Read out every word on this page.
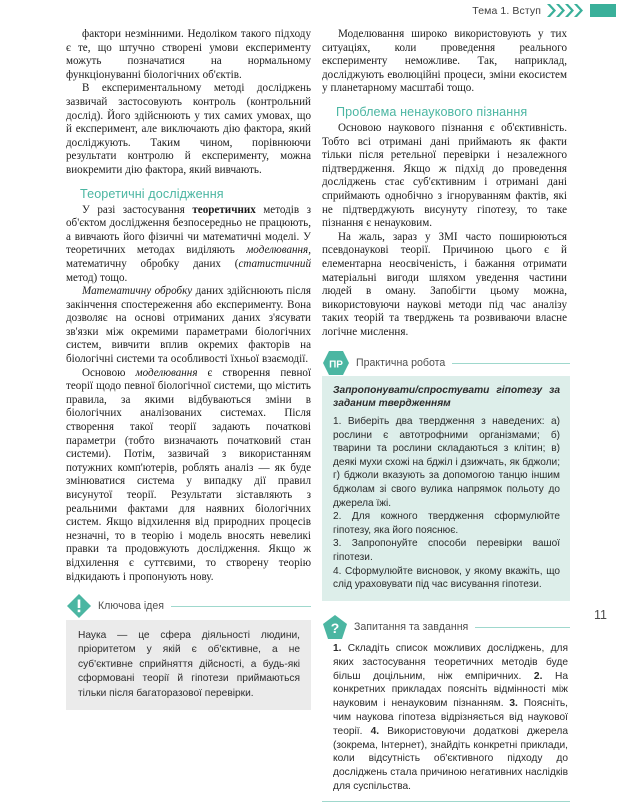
Тема 1. Вступ

фактори незмінними. Недоліком такого підходу є те, що штучно створені умови експерименту можуть позначатися на нормальному функціонуванні біологічних об'єктів.

В експериментальному методі досліджень зазвичай застосовують контроль (контрольний дослід). Його здійснюють у тих самих умовах, що й експеримент, але виключають дію фактора, який досліджують. Таким чином, порівнюючи результати контролю й експерименту, можна виокремити дію фактора, який вивчають.

Теоретичні дослідження

У разі застосування теоретичних методів з об'єктом дослідження безпосередньо не працюють, а вивчають його фізичні чи математичні моделі. У теоретичних методах виділяють моделювання, математичну обробку даних (статистичний метод) тощо.

Математичну обробку даних здійснюють після закінчення спостереження або експерименту. Вона дозволяє на основі отриманих даних з'ясувати зв'язки між окремими параметрами біологічних систем, вивчити вплив окремих факторів на біологічні системи та особливості їхньої взаємодії.

Основою моделювання є створення певної теорії щодо певної біологічної системи, що містить правила, за якими відбуваються зміни в біологічних аналізованих системах. Після створення такої теорії задають початкові параметри (тобто визначають початковий стан системи). Потім, зазвичай з використанням потужних комп'ютерів, роблять аналіз — як буде змінюватися система у випадку дії правил висунутої теорії. Результати зіставляють з реальними фактами для наявних біологічних систем. Якщо відхилення від природних процесів незначні, то в теорію і модель вносять невеликі правки та продовжують дослідження. Якщо ж відхилення є суттєвими, то створену теорію відкидають і пропонують нову.

Ключова ідея
Наука — це сфера діяльності людини, пріоритетом у якій є об'єктивне, а не суб'єктивне сприйняття дійсності, а будь-які сформовані теорії й гіпотези приймаються тільки після багаторазової перевірки.

Моделювання широко використовують у тих ситуаціях, коли проведення реального експерименту неможливе. Так, наприклад, досліджують еволюційні процеси, зміни екосистем у планетарному масштабі тощо.

Проблема ненаукового пізнання

Основою наукового пізнання є об'єктивність. Тобто всі отримані дані приймають як факти тільки після ретельної перевірки і незалежного підтвердження. Якщо ж підхід до проведення досліджень стає суб'єктивним і отримані дані сприймають однобічно з ігноруванням фактів, які не підтверджують висунуту гіпотезу, то таке пізнання є ненауковим.

На жаль, зараз у ЗМІ часто поширюються псевдонаукові теорії. Причиною цього є й елементарна неосвіченість, і бажання отримати матеріальні вигоди шляхом уведення частини людей в оману. Запобігти цьому можна, використовуючи наукові методи під час аналізу таких теорій та тверджень та розвиваючи власне логічне мислення.

ПР Практична робота
Запропонувати/спростувати гіпотезу за заданим твердженням
1. Виберіть два твердження з наведених: а) рослини є автотрофними організмами; б) тварини та рослини складаються з клітин; в) деякі мухи схожі на бджіл і дзижчать, як бджоли; г) бджоли вказують за допомогою танцю іншим бджолам зі свого вулика напрямок польоту до джерела їжі.
2. Для кожного твердження сформулюйте гіпотезу, яка його пояснює.
3. Запропонуйте способи перевірки вашої гіпотези.
4. Сформулюйте висновок, у якому вкажіть, що слід ураховувати під час висування гіпотези.
? Запитання та завдання
1. Складіть список можливих досліджень, для яких застосування теоретичних методів буде більш доцільним, ніж емпіричних. 2. На конкретних прикладах поясніть відмінності між науковим і ненауковим пізнанням. 3. Поясніть, чим наукова гіпотеза відрізняється від наукової теорії. 4. Використовуючи додаткові джерела (зокрема, Інтернет), знайдіть конкретні приклади, коли відсутність об'єктивного підходу до досліджень стала причиною негативних наслідків для суспільства.
11
